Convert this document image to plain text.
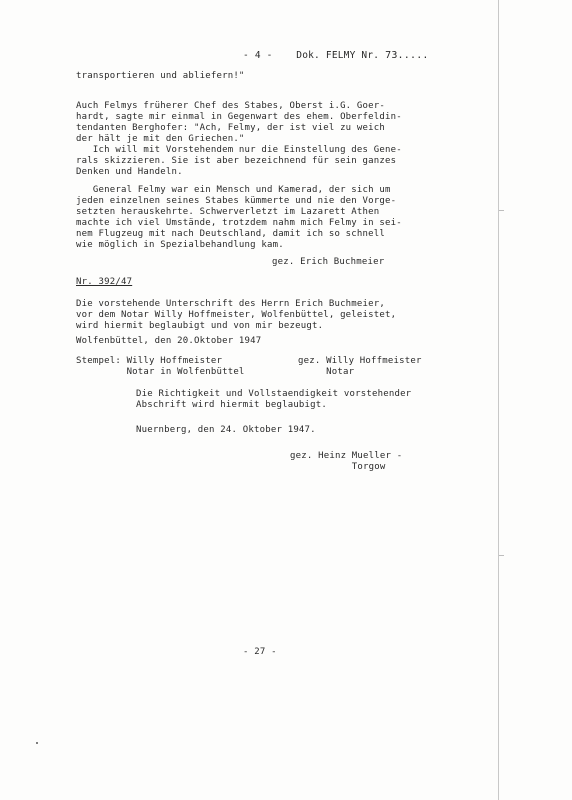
- 4 - Dok. FELMY Nr. 73.....
transportieren und abliefern!"
Auch Felmys früherer Chef des Stabes, Oberst i.G. Goer-
hardt, sagte mir einmal in Gegenwart des ehem. Oberfeldin-
tendanten Berghofer: "Ach, Felmy, der ist viel zu weich
der hält je mit den Griechen."
Ich will mit Vorstehendem nur die Einstellung des Gene-
rals skizzieren. Sie ist aber bezeichnend für sein ganzes
Denken und Handeln.
General Felmy war ein Mensch und Kamerad, der sich um
jeden einzelnen seines Stabes kümmerte und nie den Vorge-
setzten herauskehrte. Schwerverletzt im Lazarett Athen
machte ich viel Umstände, trotzdem nahm mich Felmy in sei-
nem Flugzeug mit nach Deutschland, damit ich so schnell
wie möglich in Spezialbehandlung kam.
gez. Erich Buchmeier
Nr. 392/47
Die vorstehende Unterschrift des Herrn Erich Buchmeier,
vor dem Notar Willy Hoffmeister, Wolfenbüttel, geleistet,
wird hiermit beglaubigt und von mir bezeugt.
Wolfenbüttel, den 20.Oktober 1947
Stempel: Willy Hoffmeister
Notar in Wolfenbüttel
gez. Willy Hoffmeister
Notar
Die Richtigkeit und Vollstaendigkeit vorstehender
Abschrift wird hiermit beglaubigt.
Nuernberg, den 24. Oktober 1947.
gez. Heinz Mueller -
Torgow
- 27 -
